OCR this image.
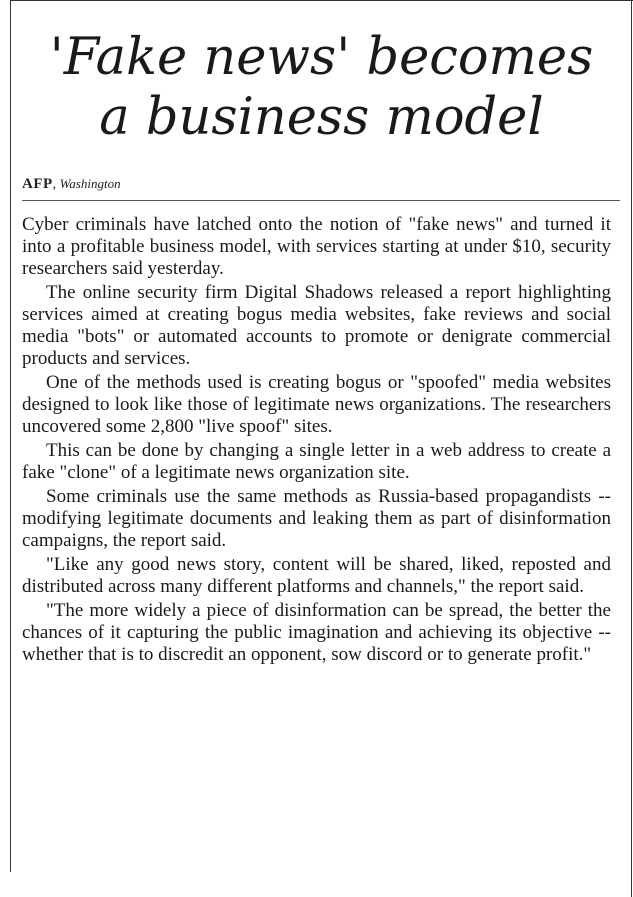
'Fake news' becomes
a business model
AFP, Washington

Cyber criminals have latched onto the notion of "fake news" and turned it into a profitable business model, with services starting at under $10, security researchers said yesterday.

The online security firm Digital Shadows released a report highlighting services aimed at creating bogus media websites, fake reviews and social media "bots" or automated accounts to promote or denigrate commercial products and services.

One of the methods used is creating bogus or "spoofed" media websites designed to look like those of legitimate news organizations. The researchers uncovered some 2,800 "live spoof" sites.

This can be done by changing a single letter in a web address to create a fake "clone" of a legitimate news organization site.

Some criminals use the same methods as Russia-based propagandists -- modifying legitimate documents and leaking them as part of disinformation campaigns, the report said.

"Like any good news story, content will be shared, liked, reposted and distributed across many different platforms and channels," the report said.

"The more widely a piece of disinformation can be spread, the better the chances of it capturing the public imagination and achieving its objective -- whether that is to discredit an opponent, sow discord or to generate profit."
